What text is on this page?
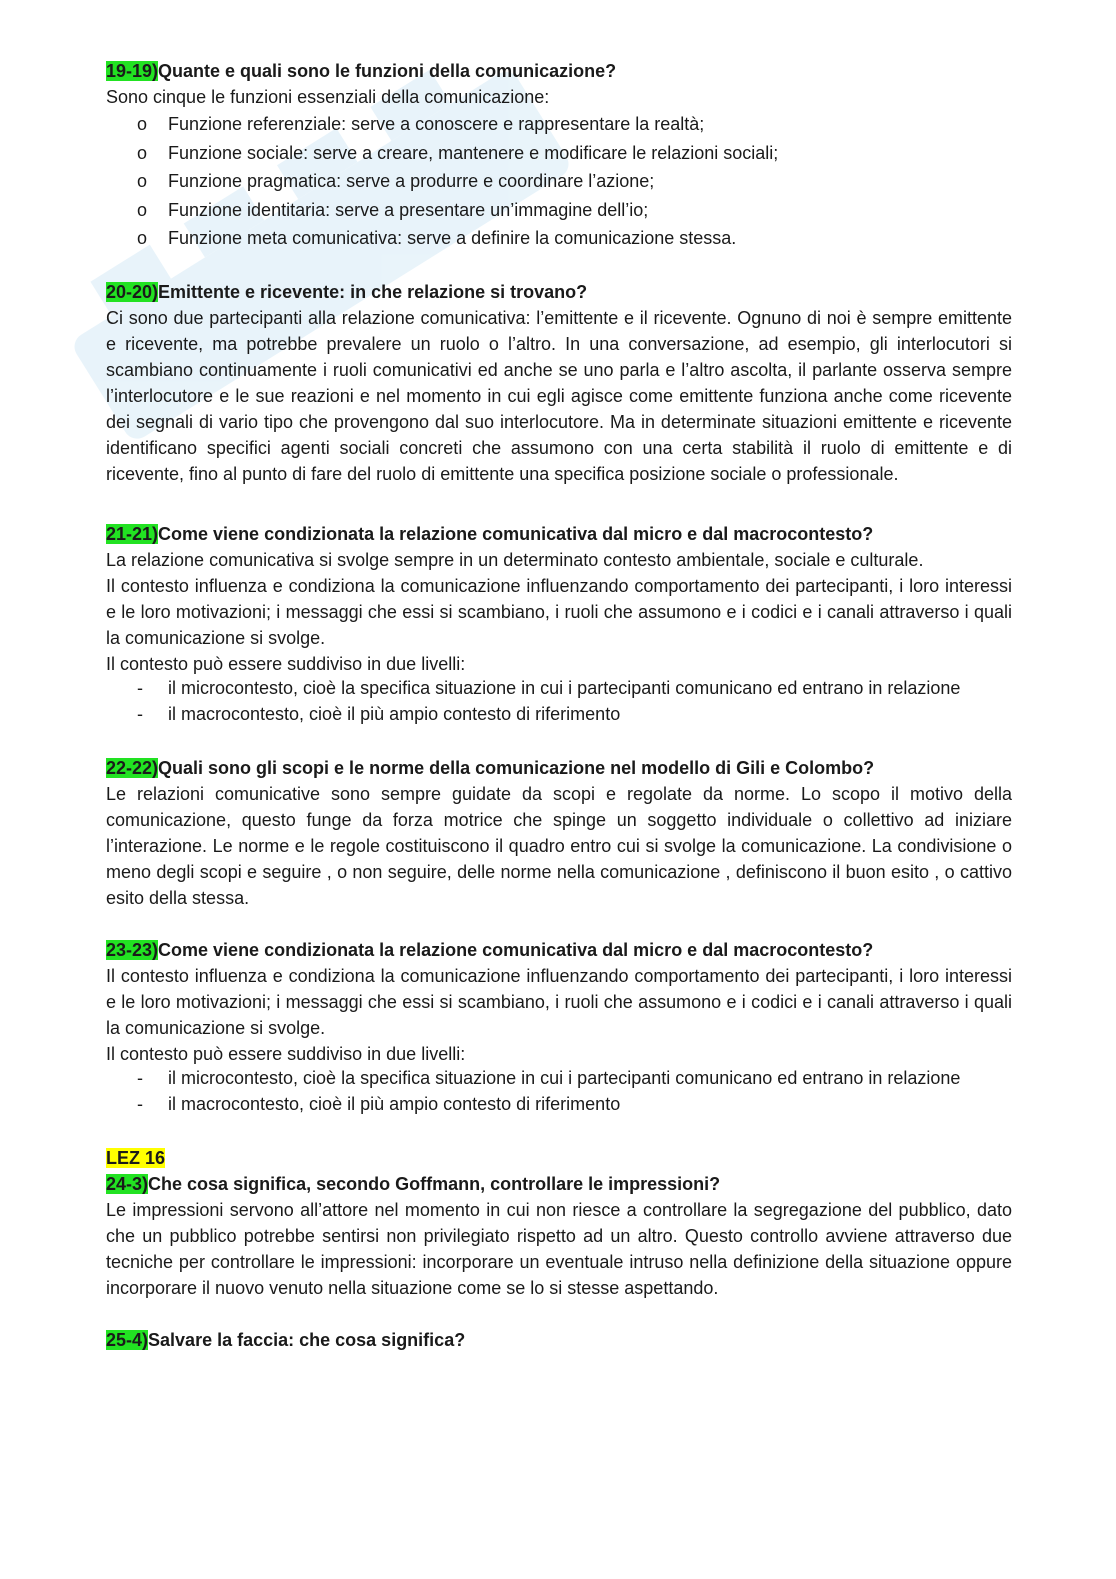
19-19)Quante e quali sono le funzioni della comunicazione?

Sono cinque le funzioni essenziali della comunicazione:

o Funzione referenziale: serve a conoscere e rappresentare la realtà;
o Funzione sociale: serve a creare, mantenere e modificare le relazioni sociali;
o Funzione pragmatica: serve a produrre e coordinare l’azione;
o Funzione identitaria: serve a presentare un’immagine dell’io;
o Funzione meta comunicativa: serve a definire la comunicazione stessa.

20-20)Emittente e ricevente: in che relazione si trovano?

Ci sono due partecipanti alla relazione comunicativa: l’emittente e il ricevente. Ognuno di noi è sempre emittente e ricevente, ma potrebbe prevalere un ruolo o l’altro. In una conversazione, ad esempio, gli interlocutori si scambiano continuamente i ruoli comunicativi ed anche se uno parla e l’altro ascolta, il parlante osserva sempre l’interlocutore e le sue reazioni e nel momento in cui egli agisce come emittente funziona anche come ricevente dei segnali di vario tipo che provengono dal suo interlocutore. Ma in determinate situazioni emittente e ricevente identificano specifici agenti sociali concreti che assumono con una certa stabilità il ruolo di emittente e di ricevente, fino al punto di fare del ruolo di emittente una specifica posizione sociale o professionale.

21-21)Come viene condizionata la relazione comunicativa dal micro e dal macrocontesto?

La relazione comunicativa si svolge sempre in un determinato contesto ambientale, sociale e culturale.

Il contesto influenza e condiziona la comunicazione influenzando comportamento dei partecipanti, i loro interessi e le loro motivazioni; i messaggi che essi si scambiano, i ruoli che assumono e i codici e i canali attraverso i quali la comunicazione si svolge.

Il contesto può essere suddiviso in due livelli:

- il microcontesto, cioè la specifica situazione in cui i partecipanti comunicano ed entrano in relazione
- il macrocontesto, cioè il più ampio contesto di riferimento

22-22)Quali sono gli scopi e le norme della comunicazione nel modello di Gili e Colombo?

Le relazioni comunicative sono sempre guidate da scopi e regolate da norme. Lo scopo il motivo della comunicazione, questo funge da forza motrice che spinge un soggetto individuale o collettivo ad iniziare l’interazione. Le norme e le regole costituiscono il quadro entro cui si svolge la comunicazione. La condivisione o meno degli scopi e seguire , o non seguire, delle norme nella comunicazione , definiscono il buon esito , o cattivo esito della stessa.

23-23)Come viene condizionata la relazione comunicativa dal micro e dal macrocontesto?

Il contesto influenza e condiziona la comunicazione influenzando comportamento dei partecipanti, i loro interessi e le loro motivazioni; i messaggi che essi si scambiano, i ruoli che assumono e i codici e i canali attraverso i quali la comunicazione si svolge.

Il contesto può essere suddiviso in due livelli:

- il microcontesto, cioè la specifica situazione in cui i partecipanti comunicano ed entrano in relazione
- il macrocontesto, cioè il più ampio contesto di riferimento

LEZ 16

24-3)Che cosa significa, secondo Goffmann, controllare le impressioni?

Le impressioni servono all’attore nel momento in cui non riesce a controllare la segregazione del pubblico, dato che un pubblico potrebbe sentirsi non privilegiato rispetto ad un altro. Questo controllo avviene attraverso due tecniche per controllare le impressioni: incorporare un eventuale intruso nella definizione della situazione oppure incorporare il nuovo venuto nella situazione come se lo si stesse aspettando.

25-4)Salvare la faccia: che cosa significa?
